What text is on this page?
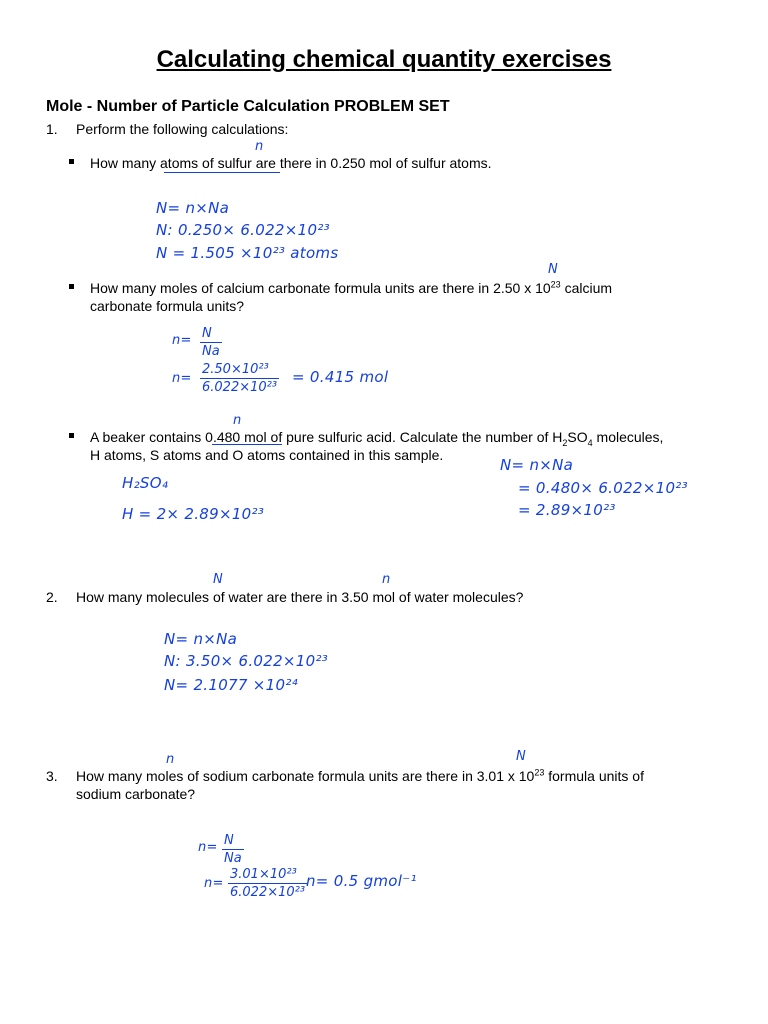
Calculating chemical quantity exercises
Mole - Number of Particle Calculation PROBLEM SET
1. Perform the following calculations:
n
How many atoms of sulfur are there in 0.250 mol of sulfur atoms.
N= n×Na
N: 0.250× 6.022×10²³
N = 1.505 ×10²³ atoms
N
How many moles of calcium carbonate formula units are there in 2.50 x $10^{23}$ calcium
carbonate formula units?
n= N
Na
n=
2.50×10²³
6.022×10²³
= 0.415 mol
n
A beaker contains 0.480 mol of pure sulfuric acid. Calculate the number of $H_2SO_4$ molecules,
H atoms, S atoms and O atoms contained in this sample.
N= n×Na
= 0.480× 6.022×10²³
= 2.89×10²³
H₂SO₄
H = 2× 2.89×10²³
N	n
2. How many molecules of water are there in 3.50 mol of water molecules?
N= n×Na
N: 3.50× 6.022×10²³
N= 2.1077 ×10²⁴
n	N
3. How many moles of sodium carbonate formula units are there in 3.01 x $10^{23}$ formula units of
sodium carbonate?
n= N
Na
n=
3.01×10²³
6.022×10²³
n= 0.5 gmol⁻¹
